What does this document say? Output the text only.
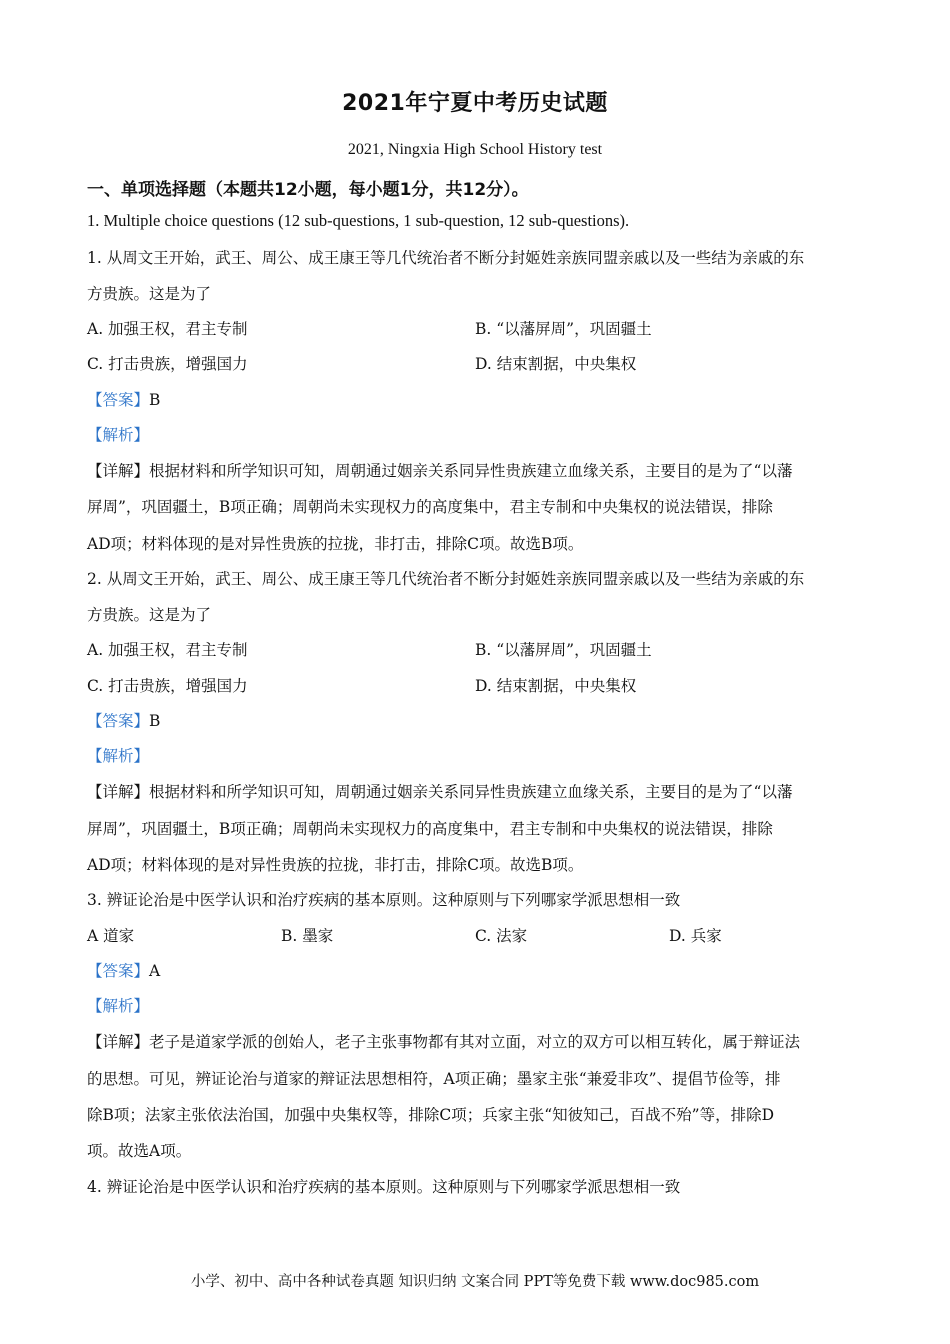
2021年宁夏中考历史试题
2021, Ningxia High School History test
一、单项选择题（本题共12小题，每小题1分，共12分）。
1. Multiple choice questions (12 sub-questions, 1 sub-question, 12 sub-questions).
1. 从周文王开始，武王、周公、成王康王等几代统治者不断分封姬姓亲族同盟亲戚以及一些结为亲戚的东
方贵族。这是为了
A. 加强王权，君主专制	B. “以藩屏周”，巩固疆土
C. 打击贵族，增强国力	D. 结束割据，中央集权
【答案】B
【解析】
【详解】根据材料和所学知识可知，周朝通过姻亲关系同异性贵族建立血缘关系，主要目的是为了“以藩
屏周”，巩固疆土，B项正确；周朝尚未实现权力的高度集中，君主专制和中央集权的说法错误，排除
AD项；材料体现的是对异性贵族的拉拢，非打击，排除C项。故选B项。
2. 从周文王开始，武王、周公、成王康王等几代统治者不断分封姬姓亲族同盟亲戚以及一些结为亲戚的东
方贵族。这是为了
A. 加强王权，君主专制	B. “以藩屏周”，巩固疆土
C. 打击贵族，增强国力	D. 结束割据，中央集权
【答案】B
【解析】
【详解】根据材料和所学知识可知，周朝通过姻亲关系同异性贵族建立血缘关系，主要目的是为了“以藩
屏周”，巩固疆土，B项正确；周朝尚未实现权力的高度集中，君主专制和中央集权的说法错误，排除
AD项；材料体现的是对异性贵族的拉拢，非打击，排除C项。故选B项。
3. 辨证论治是中医学认识和治疗疾病的基本原则。这种原则与下列哪家学派思想相一致
A 道家	B. 墨家	C. 法家	D. 兵家
【答案】A
【解析】
【详解】老子是道家学派的创始人，老子主张事物都有其对立面，对立的双方可以相互转化，属于辩证法
的思想。可见，辨证论治与道家的辩证法思想相符，A项正确；墨家主张“兼爱非攻”、提倡节俭等，排
除B项；法家主张依法治国，加强中央集权等，排除C项；兵家主张“知彼知己，百战不殆”等，排除D
项。故选A项。
4. 辨证论治是中医学认识和治疗疾病的基本原则。这种原则与下列哪家学派思想相一致
小学、初中、高中各种试卷真题 知识归纳 文案合同 PPT等免费下载 www.doc985.com
